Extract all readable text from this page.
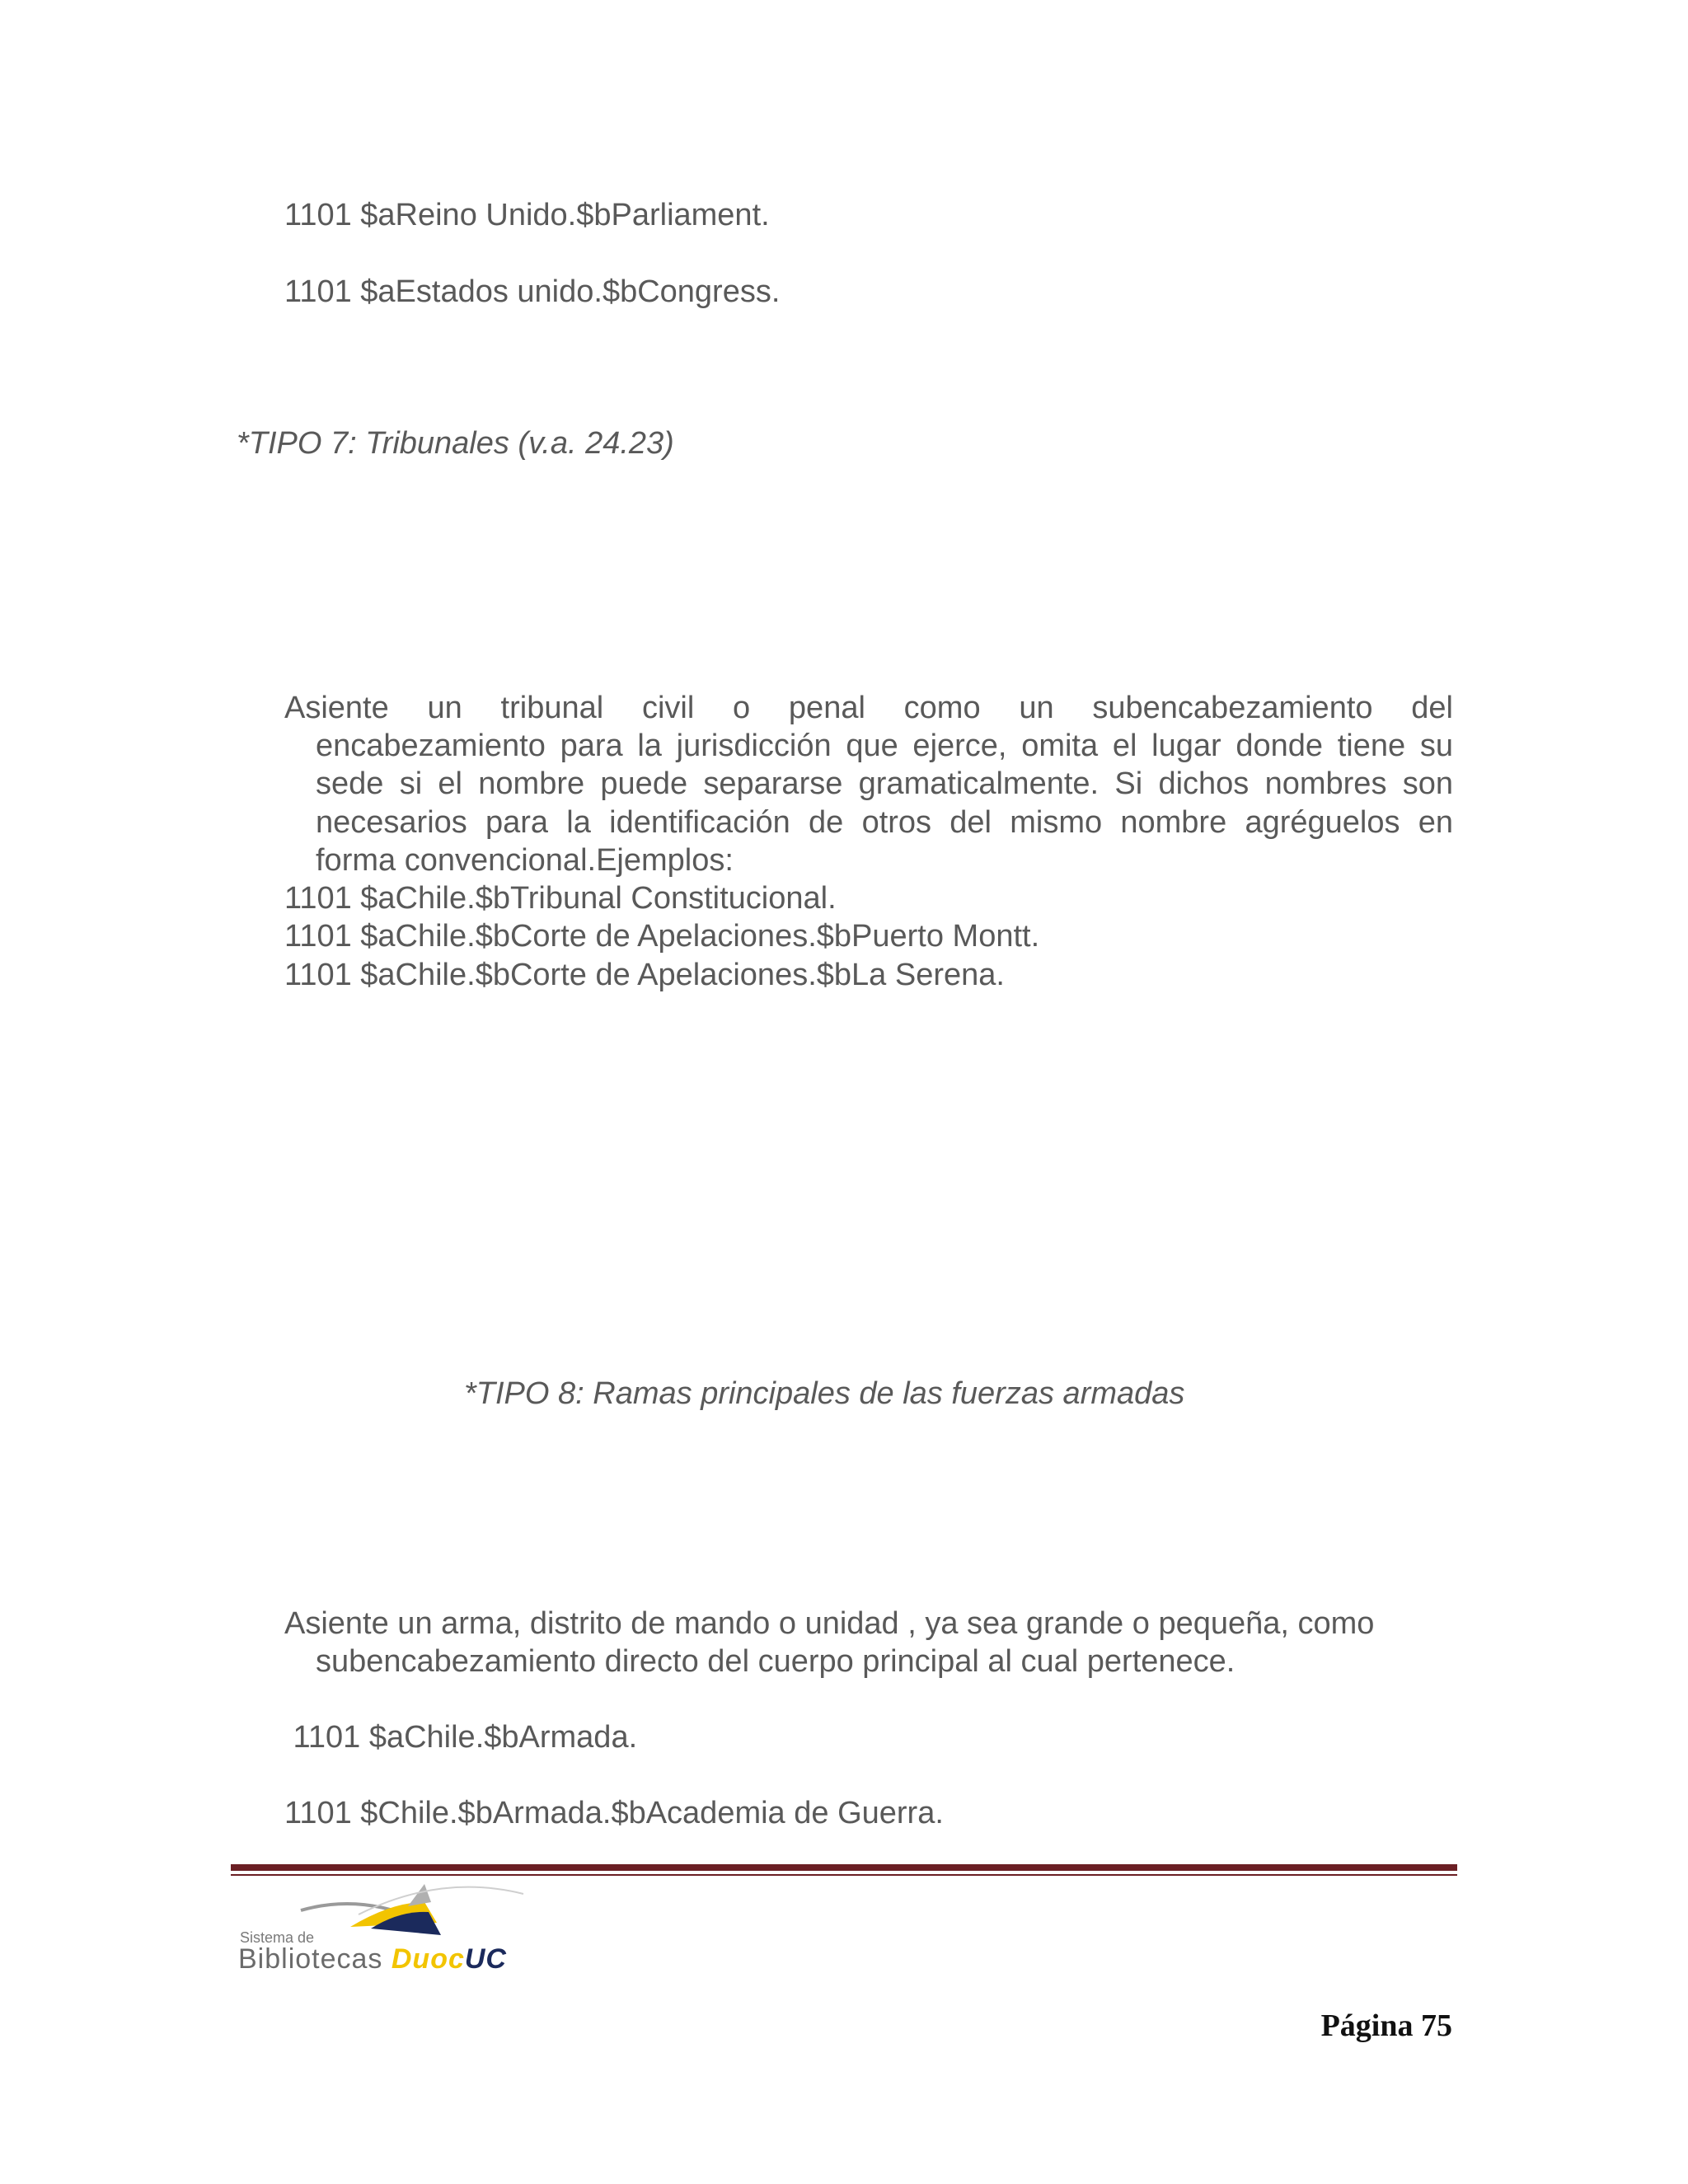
1101 $aReino Unido.$bParliament.
1101 $aEstados unido.$bCongress.
*TIPO 7: Tribunales (v.a. 24.23)
Asiente un tribunal civil o penal como un subencabezamiento del
encabezamiento para la jurisdicción que ejerce, omita el lugar donde tiene su
sede si el nombre puede separarse gramaticalmente. Si dichos nombres son
necesarios para la identificación de otros del mismo nombre agréguelos en
forma convencional.Ejemplos:
1101 $aChile.$bTribunal Constitucional.
1101 $aChile.$bCorte de Apelaciones.$bPuerto Montt.
1101 $aChile.$bCorte de Apelaciones.$bLa Serena.
*TIPO 8: Ramas principales de las fuerzas armadas
Asiente un arma, distrito de mando o unidad , ya sea grande o pequeña, como
subencabezamiento directo del cuerpo principal al cual pertenece.
1101 $aChile.$bArmada.
1101 $Chile.$bArmada.$bAcademia de Guerra.
Sistema de
Bibliotecas DuocUC
Página 75
